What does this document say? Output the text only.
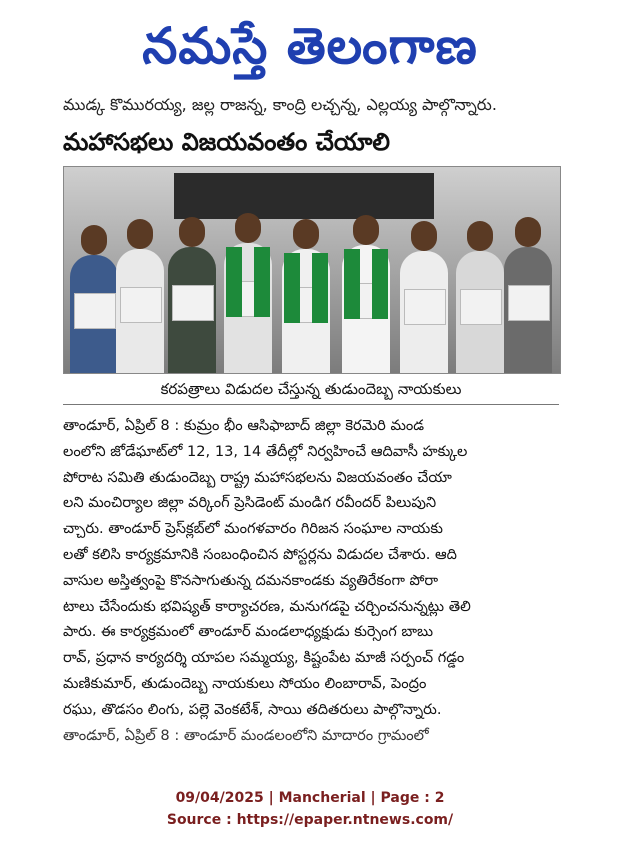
నమస్తే తెలంగాణ
ముడ్క కొమురయ్య, జల్ల రాజన్న, కాంద్రి లచ్చన్న, ఎల్లయ్య పాల్గొన్నారు.
మహాసభలు విజయవంతం చేయాలి
కరపత్రాలు విడుదల చేస్తున్న తుడుందెబ్బ నాయకులు
తాండూర్, ఏప్రిల్ 8 : కుమ్రం భీం ఆసిఫాబాద్ జిల్లా కెరమెరి మండ
లంలోని జోడేఘాట్‌లో 12, 13, 14 తేదీల్లో నిర్వహించే ఆదివాసీ హక్కుల
పోరాట సమితి తుడుందెబ్బ రాష్ట్ర మహాసభలను విజయవంతం చేయా
లని మంచిర్యాల జిల్లా వర్కింగ్ ప్రెసిడెంట్ మండిగ రవీందర్ పిలుపుని
చ్చారు. తాండూర్ ప్రెస్‌క్లబ్‌లో మంగళవారం గిరిజన సంఘాల నాయకు
లతో కలిసి కార్యక్రమానికి సంబంధించిన పోస్టర్లను విడుదల చేశారు. ఆది
వాసుల అస్తిత్వంపై కొనసాగుతున్న దమనకాండకు వ్యతిరేకంగా పోరా
టాలు చేసేందుకు భవిష్యత్ కార్యాచరణ, మనుగడపై చర్చించనున్నట్లు తెలి
పారు. ఈ కార్యక్రమంలో తాండూర్ మండలాధ్యక్షుడు కుర్సెంగ బాబు
రావ్, ప్రధాన కార్యదర్శి యాపల సమ్మయ్య, కిష్టంపేట మాజీ సర్పంచ్ గడ్డం
మణికుమార్, తుడుందెబ్బ నాయకులు సోయం లింబారావ్, పెంద్రం
రఘు, తొడసం లింగు, పల్లె వెంకటేశ్, సాయి తదితరులు పాల్గొన్నారు.
తాండూర్, ఏప్రిల్ 8 : తాండూర్ మండలంలోని మాదారం గ్రామంలో
09/04/2025 | Mancherial | Page : 2
Source : https://epaper.ntnews.com/
